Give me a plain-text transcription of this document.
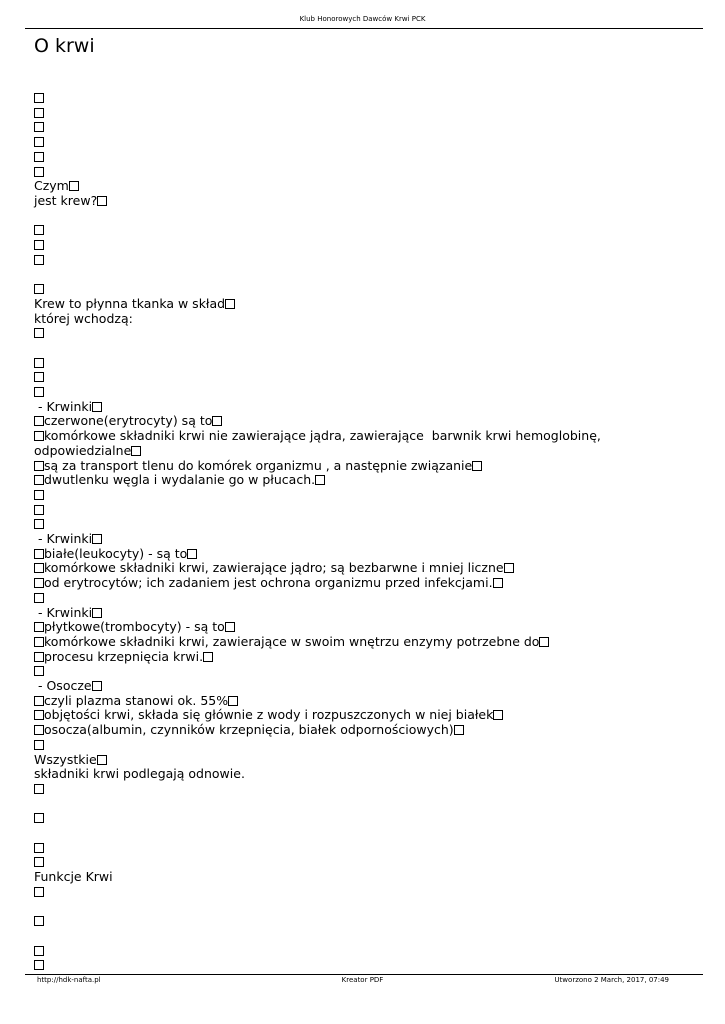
Klub Honorowych Dawców Krwi PCK
O krwi
Czym
jest krew?
Krew to płynna tkanka w skład
której wchodzą:
- Krwinki
czerwone(erytrocyty) są to
komórkowe składniki krwi nie zawierające jądra, zawierające  barwnik krwi hemoglobinę,
odpowiedzialne
są za transport tlenu do komórek organizmu , a następnie związanie
dwutlenku węgla i wydalanie go w płucach.
- Krwinki
białe(leukocyty) - są to
komórkowe składniki krwi, zawierające jądro; są bezbarwne i mniej liczne
od erytrocytów; ich zadaniem jest ochrona organizmu przed infekcjami.
- Krwinki
płytkowe(trombocyty) - są to
komórkowe składniki krwi, zawierające w swoim wnętrzu enzymy potrzebne do
procesu krzepnięcia krwi.
- Osocze
czyli plazma stanowi ok. 55%
objętości krwi, składa się głównie z wody i rozpuszczonych w niej białek
osocza(albumin, czynników krzepnięcia, białek odpornościowych)
Wszystkie
składniki krwi podlegają odnowie.
Funkcje Krwi
http://hdk-nafta.pl	Kreator PDF	Utworzono 2 March, 2017, 07:49
